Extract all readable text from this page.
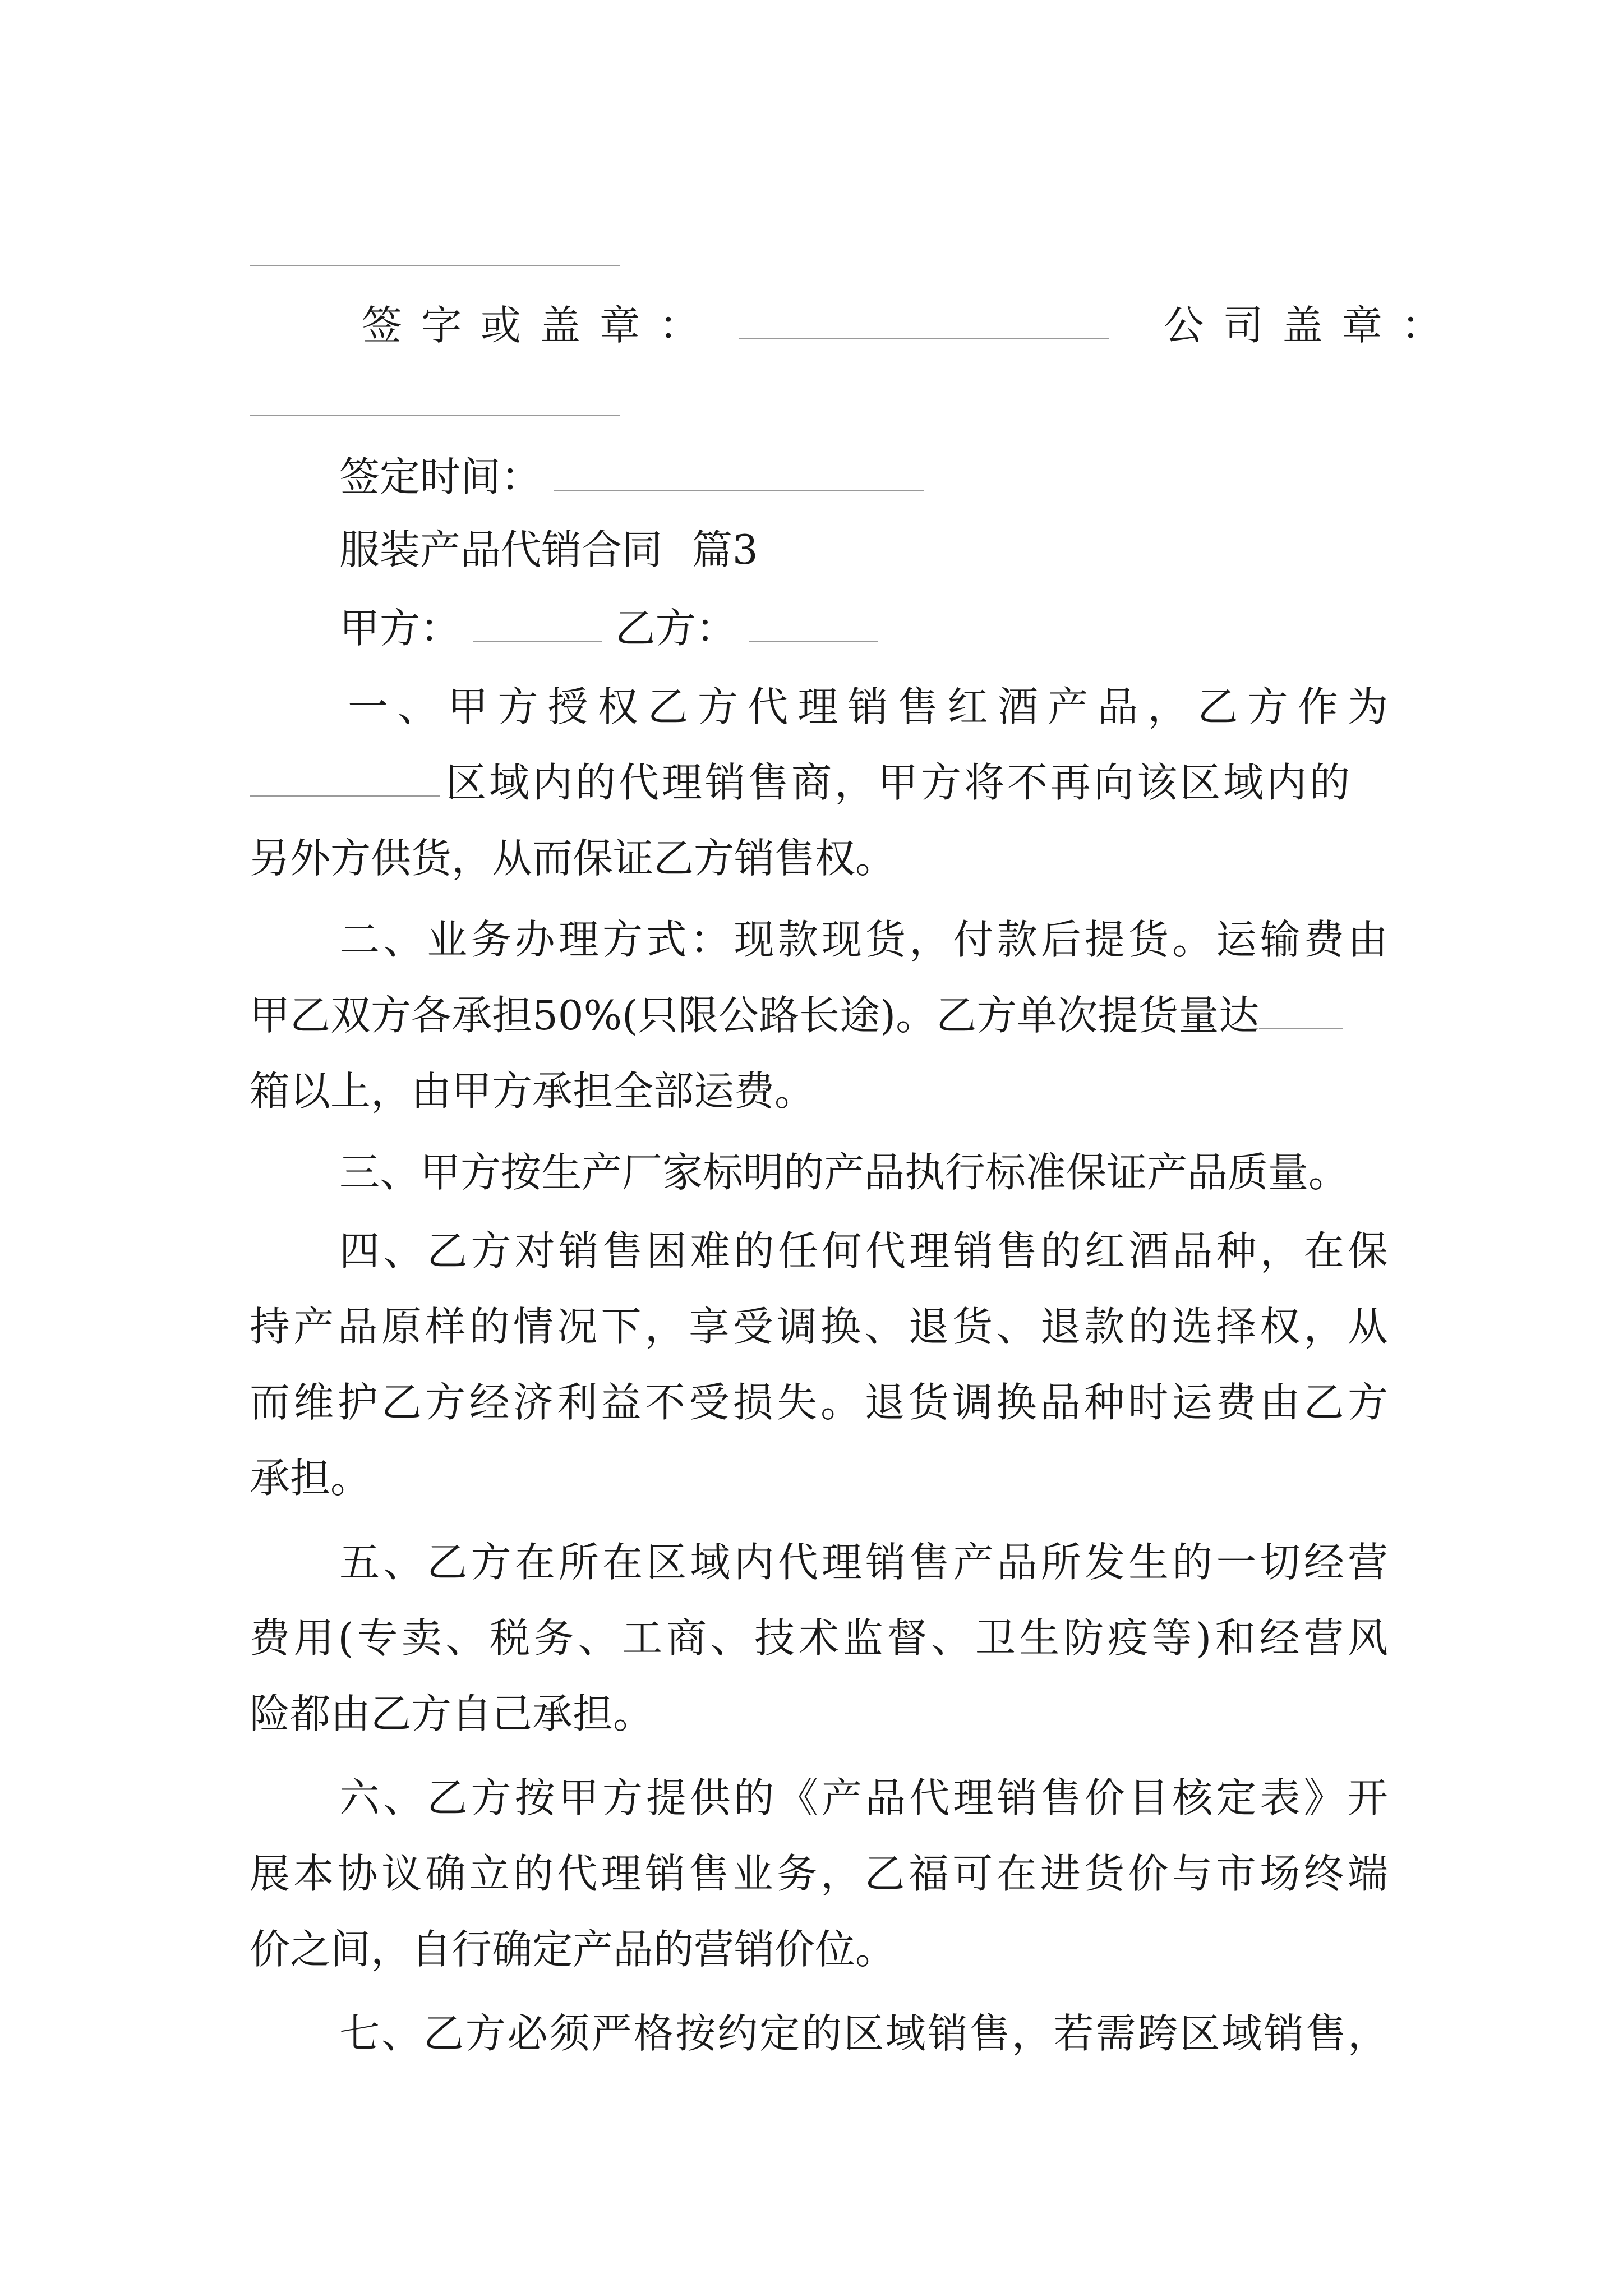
签字或盖章：	公司盖章：
签定时间：
服装产品代销合同 篇3
甲方：	乙方：
一、甲方授权乙方代理销售红酒产品，乙方作为
区域内的代理销售商，甲方将不再向该区域内的
另外方供货，从而保证乙方销售权。
二、业务办理方式：现款现货，付款后提货。运输费由
甲乙双方各承担50%(只限公路长途)。乙方单次提货量达
箱以上，由甲方承担全部运费。
三、甲方按生产厂家标明的产品执行标准保证产品质量。
四、乙方对销售困难的任何代理销售的红酒品种，在保
持产品原样的情况下，享受调换、退货、退款的选择权，从
而维护乙方经济利益不受损失。退货调换品种时运费由乙方
承担。
五、乙方在所在区域内代理销售产品所发生的一切经营
费用(专卖、税务、工商、技术监督、卫生防疫等)和经营风
险都由乙方自己承担。
六、乙方按甲方提供的《产品代理销售价目核定表》开
展本协议确立的代理销售业务，乙福可在进货价与市场终端
价之间，自行确定产品的营销价位。
七、乙方必须严格按约定的区域销售，若需跨区域销售，
